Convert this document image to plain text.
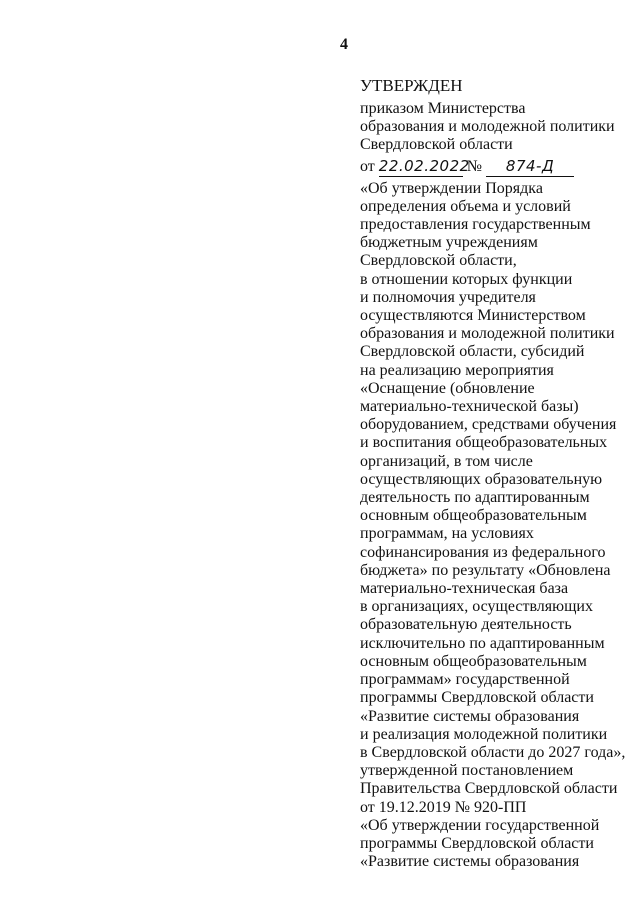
4
УТВЕРЖДЕН
приказом Министерства
образования и молодежной политики
Свердловской области
от 22.02.2022 № 874-Д
«Об утверждении Порядка
определения объема и условий
предоставления государственным
бюджетным учреждениям
Свердловской области,
в отношении которых функции
и полномочия учредителя
осуществляются Министерством
образования и молодежной политики
Свердловской области, субсидий
на реализацию мероприятия
«Оснащение (обновление
материально-технической базы)
оборудованием, средствами обучения
и воспитания общеобразовательных
организаций, в том числе
осуществляющих образовательную
деятельность по адаптированным
основным общеобразовательным
программам, на условиях
софинансирования из федерального
бюджета» по результату «Обновлена
материально-техническая база
в организациях, осуществляющих
образовательную деятельность
исключительно по адаптированным
основным общеобразовательным
программам» государственной
программы Свердловской области
«Развитие системы образования
и реализация молодежной политики
в Свердловской области до 2027 года»,
утвержденной постановлением
Правительства Свердловской области
от 19.12.2019 № 920-ПП
«Об утверждении государственной
программы Свердловской области
«Развитие системы образования
